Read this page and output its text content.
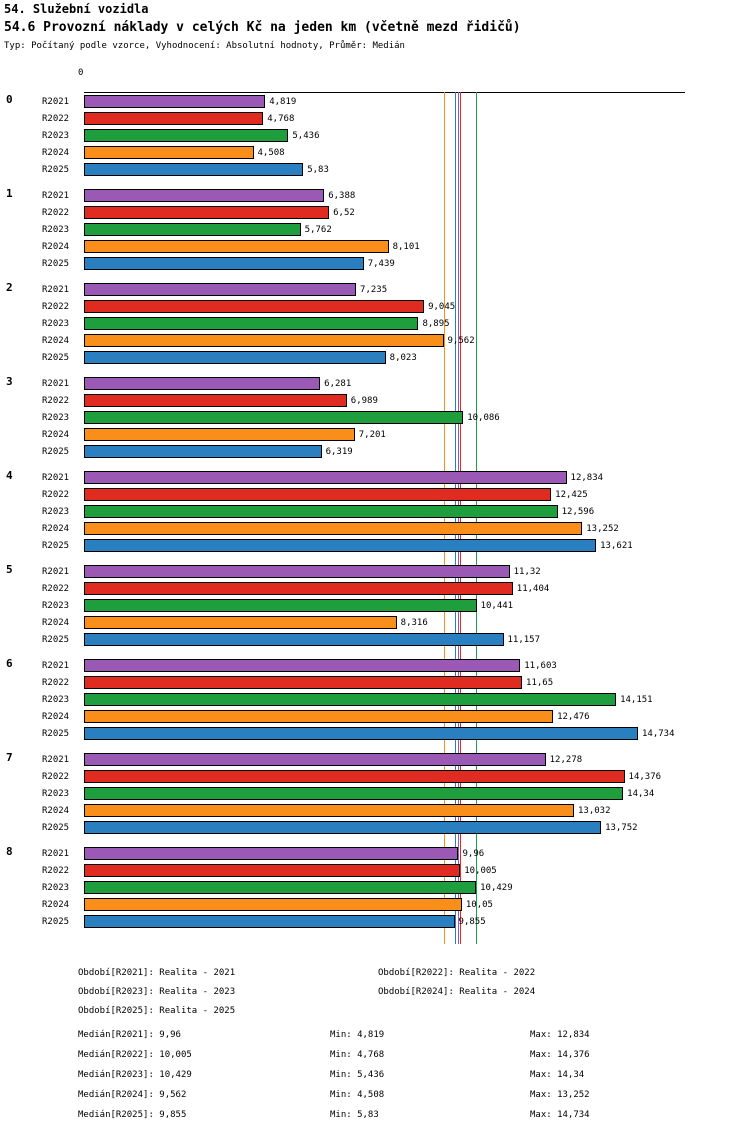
54. Služební vozidla
54.6 Provozní náklady v celých Kč na jeden km (včetně mezd řidičů)
Typ: Počítaný podle vzorce, Vyhodnocení: Absolutní hodnoty, Průměr: Medián
0
0	R2021	4,819
R2022	4,768
R2023	5,436
R2024	4,508
R2025	5,83
1	R2021	6,388
R2022	6,52
R2023	5,762
R2024	8,101
R2025	7,439
2	R2021	7,235
R2022	9,045
R2023	8,895
R2024	9,562
R2025	8,023
3	R2021	6,281
R2022	6,989
R2023	10,086
R2024	7,201
R2025	6,319
4	R2021	12,834
R2022	12,425
R2023	12,596
R2024	13,252
R2025	13,621
5	R2021	11,32
R2022	11,404
R2023	10,441
R2024	8,316
R2025	11,157
6	R2021	11,603
R2022	11,65
R2023	14,151
R2024	12,476
R2025	14,734
7	R2021	12,278
R2022	14,376
R2023	14,34
R2024	13,032
R2025	13,752
8	R2021	9,96
R2022	10,005
R2023	10,429
R2024	10,05
R2025	9,855
Období[R2021]: Realita - 2021	Období[R2022]: Realita - 2022
Období[R2023]: Realita - 2023	Období[R2024]: Realita - 2024
Období[R2025]: Realita - 2025
Medián[R2021]: 9,96	Min: 4,819	Max: 12,834
Medián[R2022]: 10,005	Min: 4,768	Max: 14,376
Medián[R2023]: 10,429	Min: 5,436	Max: 14,34
Medián[R2024]: 9,562	Min: 4,508	Max: 13,252
Medián[R2025]: 9,855	Min: 5,83	Max: 14,734
